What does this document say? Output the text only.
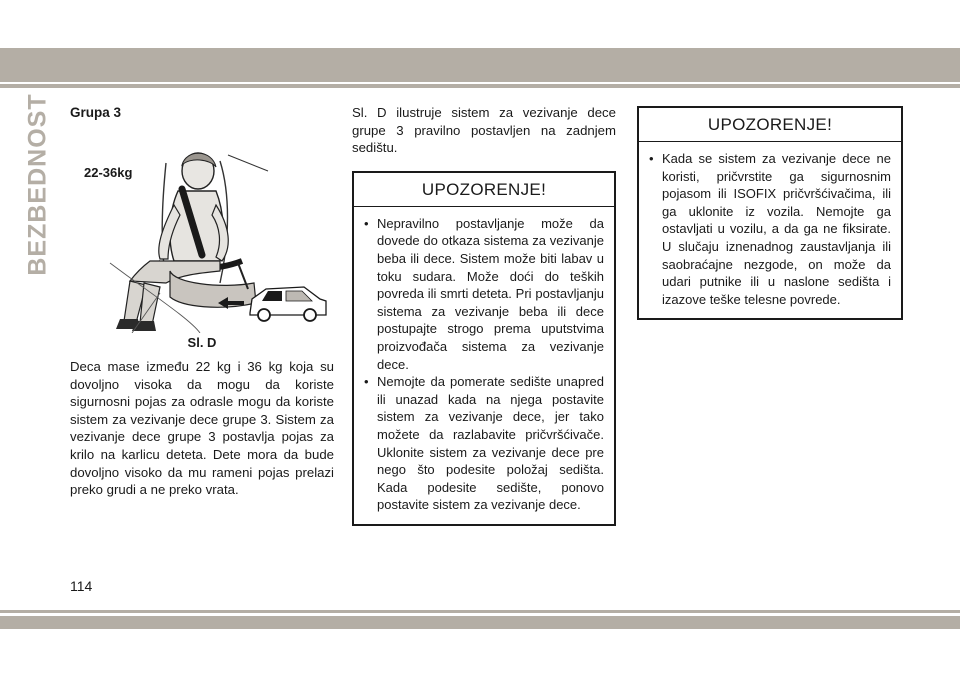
BEZBEDNOST Grupa 3
22-36kg
Sl. D

Deca mase između 22 kg i 36 kg koja su dovoljno visoka da mogu da koriste sigurnosni pojas za odrasle mogu da koriste sistem za vezivanje dece grupe 3. Sistem za vezivanje dece grupe 3 postavlja pojas za krilo na karlicu deteta. Dete mora da bude dovoljno visoko da mu rameni pojas prelazi preko grudi a ne preko vrata.

Sl. D ilustruje sistem za vezivanje dece grupe 3 pravilno postavljen na zadnjem sedištu.

UPOZORENJE!
• Nepravilno postavljanje može da dovede do otkaza sistema za vezivanje beba ili dece. Sistem može biti labav u toku sudara. Može doći do teških povreda ili smrti deteta. Pri postavljanju sistema za vezivanje beba ili dece postupajte strogo prema uputstvima proizvođača sistema za vezivanje dece.
• Nemojte da pomerate sedište unapred ili unazad kada na njega postavite sistem za vezivanje dece, jer tako možete da razlabavite pričvršćivače. Uklonite sistem za vezivanje dece pre nego što podesite položaj sedišta. Kada podesite sedište, ponovo postavite sistem za vezivanje dece.
UPOZORENJE!
• Kada se sistem za vezivanje dece ne koristi, pričvrstite ga sigurnosnim pojasom ili ISOFIX pričvršćivačima, ili ga uklonite iz vozila. Nemojte ga ostavljati u vozilu, a da ga ne fiksirate. U slučaju iznenadnog zaustavljanja ili saobraćajne nezgode, on može da udari putnike ili u naslone sedišta i izazove teške telesne povrede.
114
